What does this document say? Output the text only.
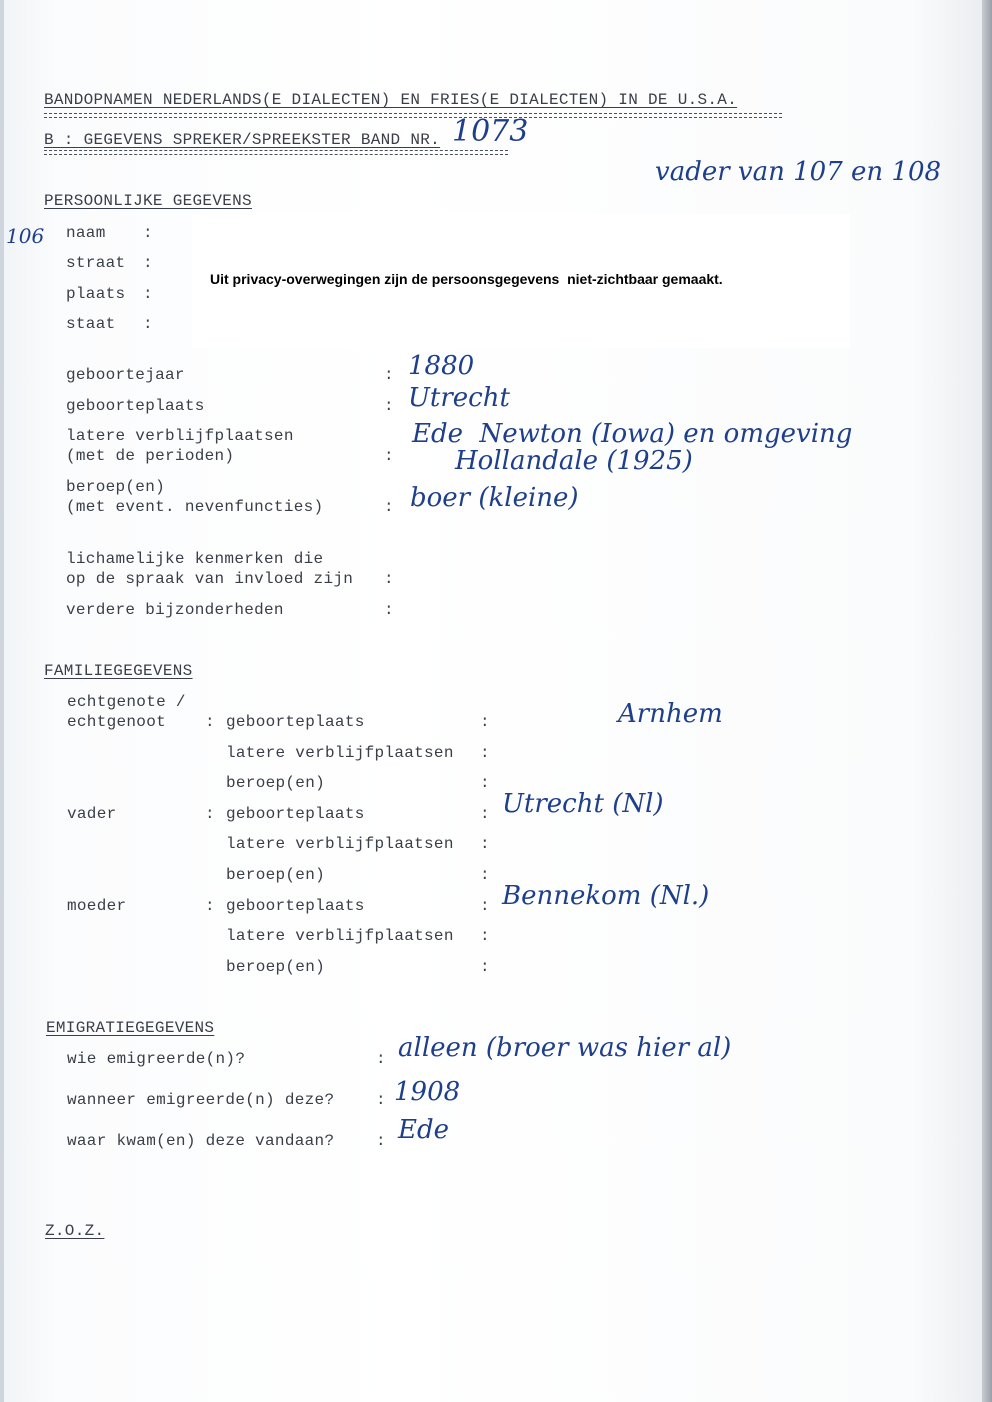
BANDOPNAMEN NEDERLANDS(E DIALECTEN) EN FRIES(E DIALECTEN) IN DE U.S.A.
B : GEGEVENS SPREKER/SPREEKSTER BAND NR. 1073
vader van 107 en 108
106
PERSOONLIJKE GEGEVENS
naam :
straat :
plaats :
staat :
Uit privacy-overwegingen zijn de persoonsgegevens  niet-zichtbaar gemaakt.
geboortejaar	: 1880
geboorteplaats	: Utrecht
latere verblijfplaatsen
(met de perioden)	:
Ede  Newton (Iowa) en omgeving
Hollandale (1925)
beroep(en)
(met event. nevenfuncties)	: boer (kleine)
lichamelijke kenmerken die
op de spraak van invloed zijn :
verdere bijzonderheden	:
FAMILIEGEGEVENS
echtgenote /
echtgenoot : geboorteplaats	:	Arnhem
latere verblijfplaatsen :
beroep(en)	:
vader	: geboorteplaats	: Utrecht (Nl)
latere verblijfplaatsen :
beroep(en)	:
moeder	: geboorteplaats	: Bennekom (Nl.)
latere verblijfplaatsen :
beroep(en)	:
EMIGRATIEGEGEVENS
wie emigreerde(n)?	: alleen (broer was hier al)
wanneer emigreerde(n) deze?	: 1908
waar kwam(en) deze vandaan?	: Ede
Z.O.Z.
